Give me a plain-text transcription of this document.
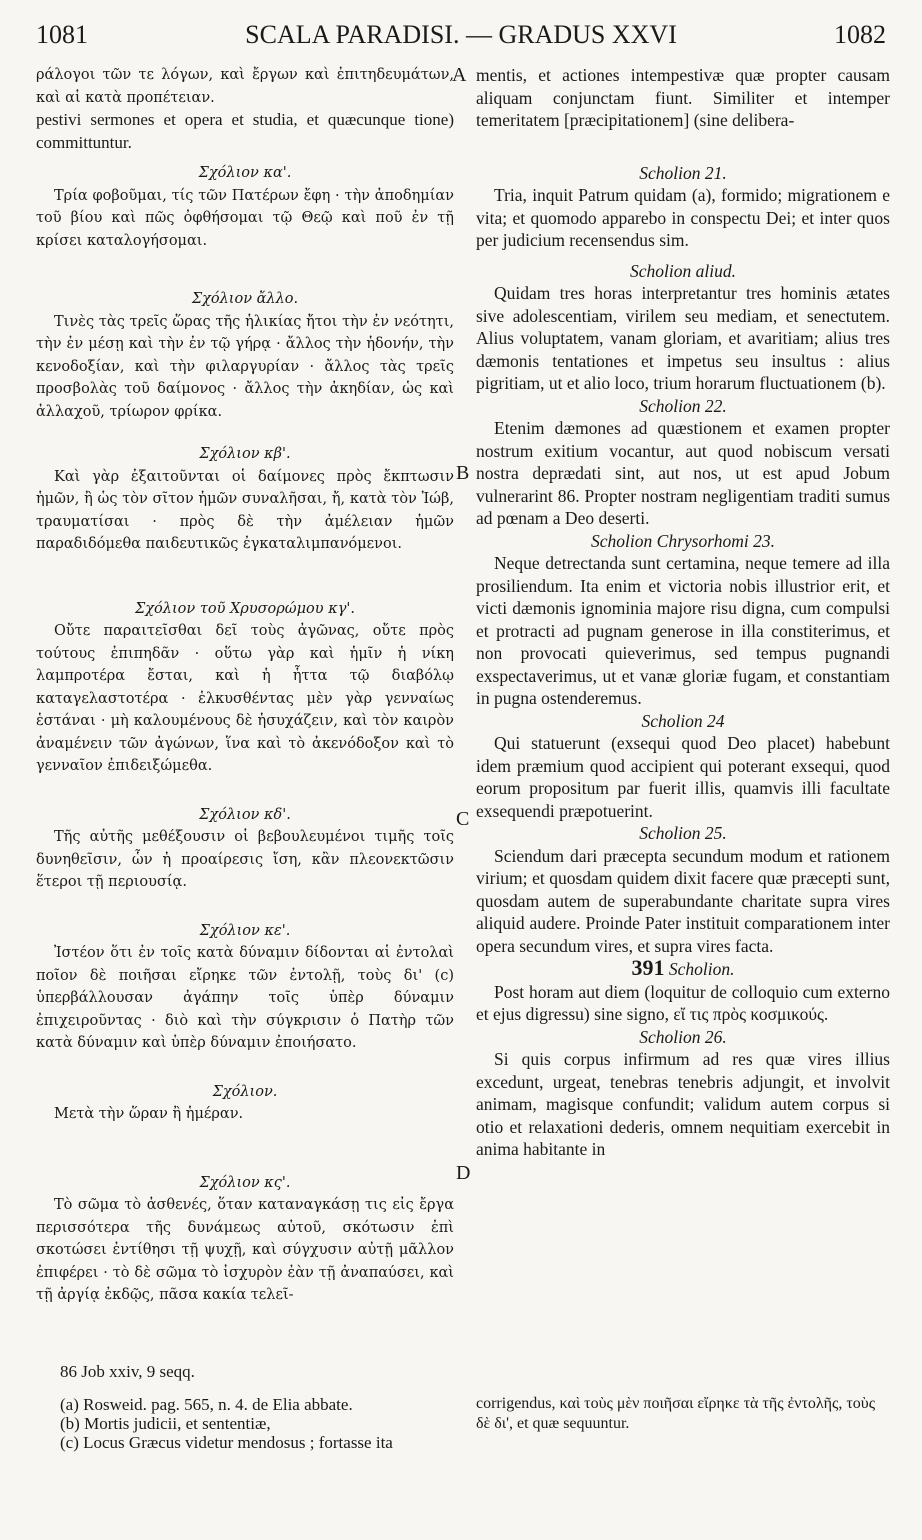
1081	SCALA PARADISI. — GRADUS XXVI	1082
A
B
C
D

ράλογοι τῶν τε λόγων, καὶ ἔργων καὶ ἐπιτηδευμάτων, καὶ αἱ κατὰ προπέτειαν.

pestivi sermones et opera et studia, et quæcunque tione) committuntur.

Σχόλιον κα'.

Τρία φοβοῦμαι, τίς τῶν Πατέρων ἔφη · τὴν ἀποδημίαν τοῦ βίου καὶ πῶς ὀφθήσομαι τῷ Θεῷ καὶ ποῦ ἐν τῇ κρίσει καταλογήσομαι.

Σχόλιον ἄλλο.

Τινὲς τὰς τρεῖς ὥρας τῆς ἡλικίας ἤτοι τὴν ἐν νεότητι, τὴν ἐν μέσῃ καὶ τὴν ἐν τῷ γήρᾳ · ἄλλος τὴν ἡδονήν, τὴν κενοδοξίαν, καὶ τὴν φιλαργυρίαν · ἄλλος τὰς τρεῖς προσβολὰς τοῦ δαίμονος · ἄλλος τὴν ἀκηδίαν, ὡς καὶ ἀλλαχοῦ, τρίωρον φρίκα.

Σχόλιον κβ'.

Καὶ γὰρ ἐξαιτοῦνται οἱ δαίμονες πρὸς ἔκπτωσιν ἡμῶν, ἢ ὡς τὸν σῖτον ἡμῶν συναλῆσαι, ἤ, κατὰ τὸν Ἰώβ, τραυματίσαι · πρὸς δὲ τὴν ἀμέλειαν ἡμῶν παραδιδόμεθα παιδευτικῶς ἐγκαταλιμπανόμενοι.

Σχόλιον τοῦ Χρυσορώμου κγ'.

Οὔτε παραιτεῖσθαι δεῖ τοὺς ἀγῶνας, οὔτε πρὸς τούτους ἐπιπηδᾶν · οὕτω γὰρ καὶ ἡμῖν ἡ νίκη λαμπροτέρα ἔσται, καὶ ἡ ἧττα τῷ διαβόλῳ καταγελαστοτέρα · ἑλκυσθέντας μὲν γὰρ γενναίως ἑστάναι · μὴ καλουμένους δὲ ἡσυχάζειν, καὶ τὸν καιρὸν ἀναμένειν τῶν ἀγώνων, ἵνα καὶ τὸ ἀκενόδοξον καὶ τὸ γενναῖον ἐπιδειξώμεθα.

Σχόλιον κδ'.

Τῆς αὐτῆς μεθέξουσιν οἱ βεβουλευμένοι τιμῆς τοῖς δυνηθεῖσιν, ὧν ἡ προαίρεσις ἴση, κἂν πλεονεκτῶσιν ἕτεροι τῇ περιουσίᾳ.

Σχόλιον κε'.

Ἰστέον ὅτι ἐν τοῖς κατὰ δύναμιν δίδονται αἱ ἐντολαὶ ποῖον δὲ ποιῆσαι εἴρηκε τῶν ἐντολῇ, τοὺς δι' (c) ὑπερβάλλουσαν ἀγάπην τοῖς ὑπὲρ δύναμιν ἐπιχειροῦντας · διὸ καὶ τὴν σύγκρισιν ὁ Πατὴρ τῶν κατὰ δύναμιν καὶ ὑπὲρ δύναμιν ἐποιήσατο.

Σχόλιον.

Μετὰ τὴν ὥραν ἢ ἡμέραν.

Σχόλιον κς'.

Τὸ σῶμα τὸ ἀσθενές, ὅταν καταναγκάσῃ τις εἰς ἔργα περισσότερα τῆς δυνάμεως αὐτοῦ, σκότωσιν ἐπὶ σκοτώσει ἐντίθησι τῇ ψυχῇ, καὶ σύγχυσιν αὐτῇ μᾶλλον ἐπιφέρει · τὸ δὲ σῶμα τὸ ἰσχυρὸν ἐὰν τῇ ἀναπαύσει, καὶ τῇ ἀργίᾳ ἐκδῷς, πᾶσα κακία τελεῖ-

mentis, et actiones intempestivæ quæ propter causam aliquam conjunctam fiunt. Similiter et intemper temeritatem [præcipitationem] (sine delibera-

Scholion 21.

Tria, inquit Patrum quidam (a), formido; migrationem e vita; et quomodo apparebo in conspectu Dei; et inter quos per judicium recensendus sim.

Scholion aliud.

Quidam tres horas interpretantur tres hominis ætates sive adolescentiam, virilem seu mediam, et senectutem. Alius voluptatem, vanam gloriam, et avaritiam; alius tres dæmonis tentationes et impetus seu insultus : alius pigritiam, ut et alio loco, trium horarum fluctuationem (b).

Scholion 22.

Etenim dæmones ad quæstionem et examen propter nostrum exitium vocantur, aut quod nobiscum versati nostra deprædati sint, aut nos, ut est apud Jobum vulnerarint 86. Propter nostram negligentiam traditi sumus ad pœnam a Deo deserti.

Scholion Chrysorhomi 23.

Neque detrectanda sunt certamina, neque temere ad illa prosiliendum. Ita enim et victoria nobis illustrior erit, et victi dæmonis ignominia majore risu digna, cum compulsi et protracti ad pugnam generose in illa constiterimus, et non provocati quieverimus, sed tempus pugnandi exspectaverimus, ut et vanæ gloriæ fugam, et constantiam in pugna ostenderemus.

Scholion 24

Qui statuerunt (exsequi quod Deo placet) habebunt idem præmium quod accipient qui poterant exsequi, quod eorum propositum par fuerit illis, quamvis illi facultate exsequendi præpotuerint.

Scholion 25.

Sciendum dari præcepta secundum modum et rationem virium; et quosdam quidem dixit facere quæ præcepti sunt, quosdam autem de superabundante charitate supra vires aliquid audere. Proinde Pater instituit comparationem inter opera secundum vires, et supra vires facta.

391 Scholion.

Post horam aut diem (loquitur de colloquio cum externo et ejus digressu) sine signo, εἴ τις πρὸς κοσμικούς.

Scholion 26.

Si quis corpus infirmum ad res quæ vires illius excedunt, urgeat, tenebras tenebris adjungit, et involvit animam, magisque confundit; validum autem corpus si otio et relaxationi dederis, omnem nequitiam exercebit in anima habitante in

86 Job xxiv, 9 seqq.

(a) Rosweid. pag. 565, n. 4. de Elia abbate.

(b) Mortis judicii, et sententiæ,

(c) Locus Græcus videtur mendosus ; fortasse ita

corrigendus, καὶ τοὺς μὲν ποιῆσαι εἴρηκε τὰ τῆς ἐντολῆς, τοὺς δὲ δι', et quæ sequuntur.
